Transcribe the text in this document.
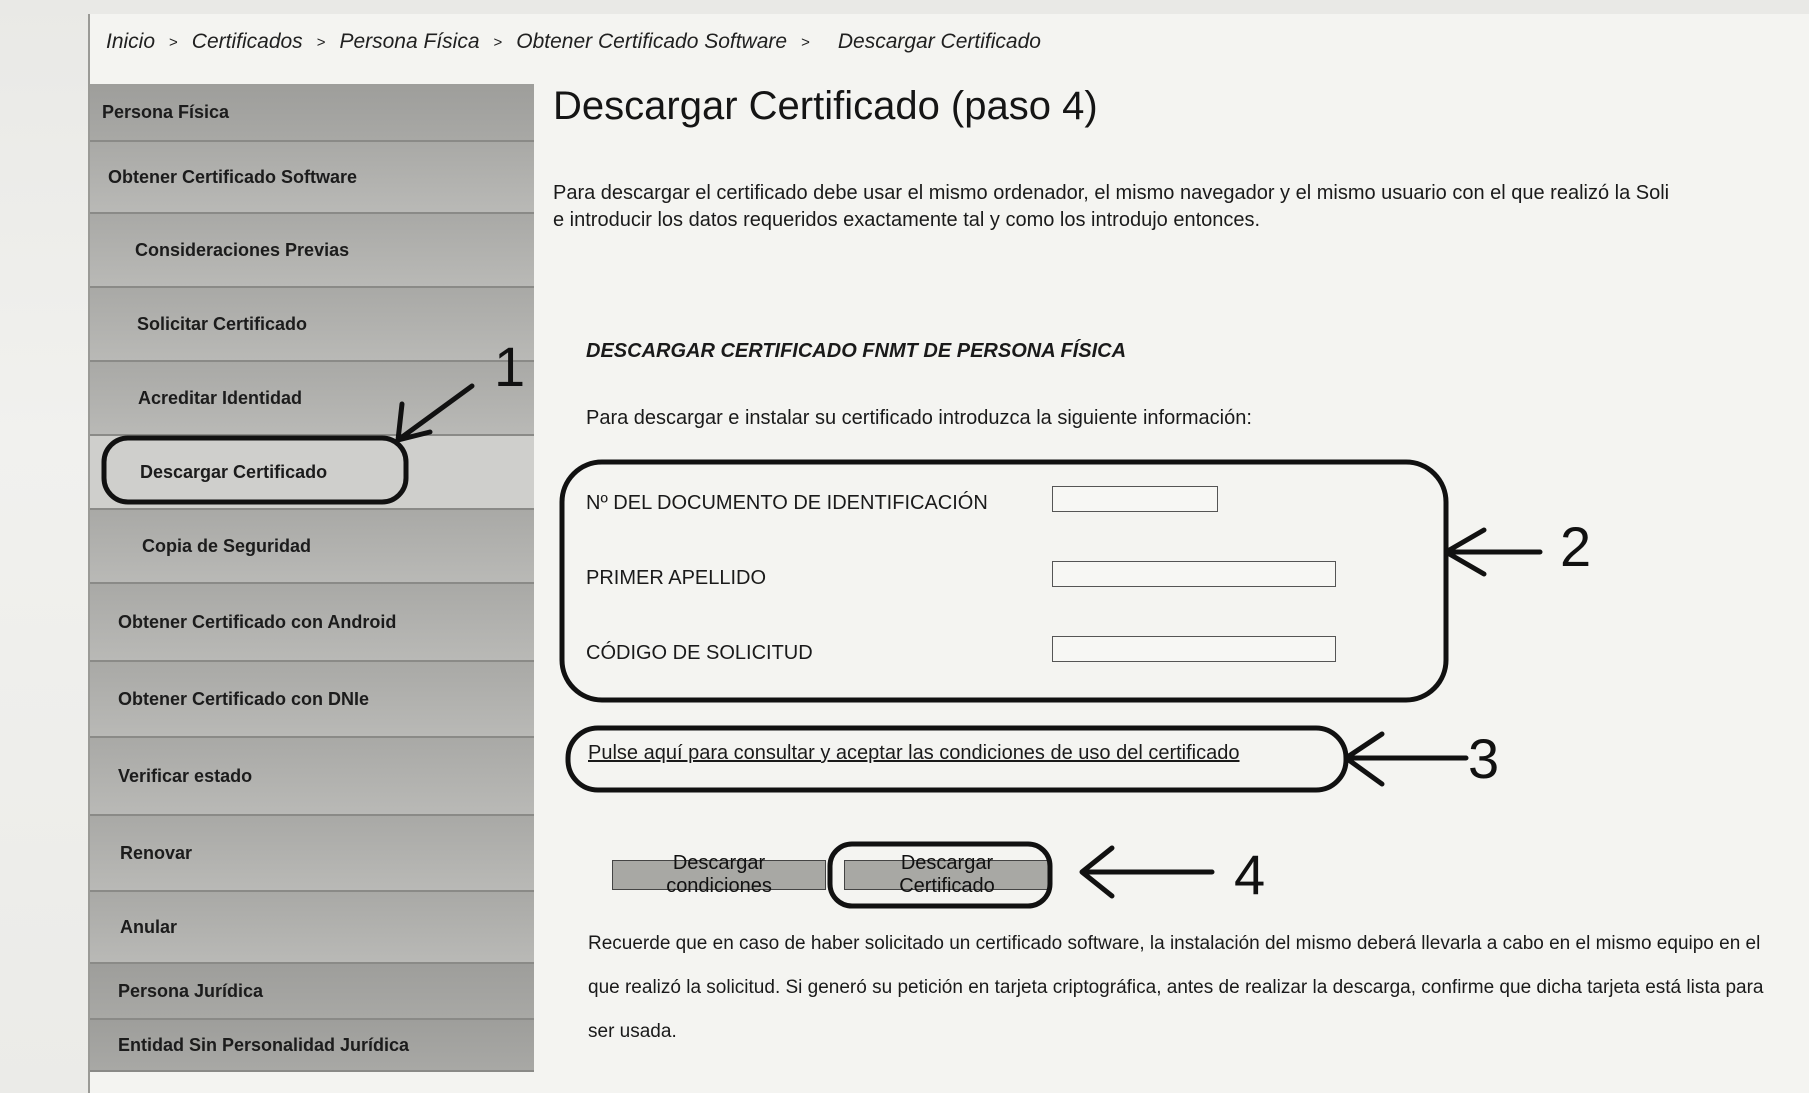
Inicio > Certificados > Persona Física > Obtener Certificado Software > Descargar Certificado
Persona Física
Obtener Certificado Software
Consideraciones Previas
Solicitar Certificado
Acreditar Identidad
Descargar Certificado
Copia de Seguridad
Obtener Certificado con Android
Obtener Certificado con DNIe
Verificar estado
Renovar
Anular
Persona Jurídica
Entidad Sin Personalidad Jurídica
Descargar Certificado (paso 4)
Para descargar el certificado debe usar el mismo ordenador, el mismo navegador y el mismo usuario con el que realizó la Soli
e introducir los datos requeridos exactamente tal y como los introdujo entonces.
DESCARGAR CERTIFICADO FNMT DE PERSONA FÍSICA
Para descargar e instalar su certificado introduzca la siguiente información:
Nº DEL DOCUMENTO DE IDENTIFICACIÓN
PRIMER APELLIDO
CÓDIGO DE SOLICITUD
Pulse aquí para consultar y aceptar las condiciones de uso del certificado
Descargar condiciones
Descargar Certificado
Recuerde que en caso de haber solicitado un certificado software, la instalación del mismo deberá llevarla a cabo en el mismo equipo en el que realizó la solicitud. Si generó su petición en tarjeta criptográfica, antes de realizar la descarga, confirme que dicha tarjeta está lista para ser usada.
1
2
3
4
